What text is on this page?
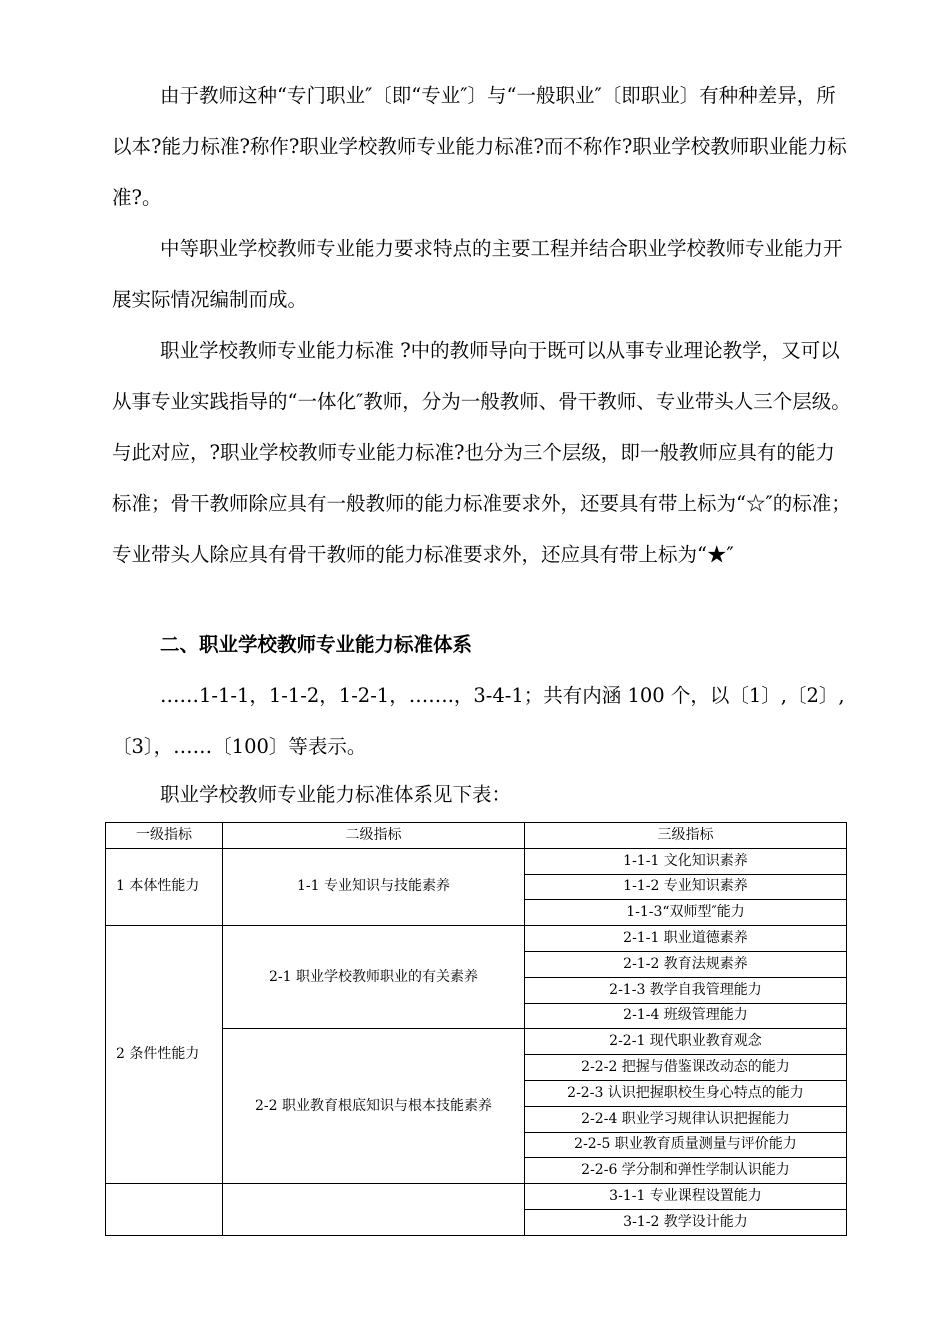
由于教师这种“专门职业″〔即“专业″〕与“一般职业″〔即职业〕有种种差异，所以本?能力标准?称作?职业学校教师专业能力标准?而不称作?职业学校教师职业能力标准?。

中等职业学校教师专业能力要求特点的主要工程并结合职业学校教师专业能力开展实际情况编制而成。

职业学校教师专业能力标准 ?中的教师导向于既可以从事专业理论教学，又可以从事专业实践指导的“一体化″教师，分为一般教师、骨干教师、专业带头人三个层级。与此对应，?职业学校教师专业能力标准?也分为三个层级，即一般教师应具有的能力标准；骨干教师除应具有一般教师的能力标准要求外，还要具有带上标为“☆″的标准；专业带头人除应具有骨干教师的能力标准要求外，还应具有带上标为“★″

二、职业学校教师专业能力标准体系

……1-1-1，1-1-2，1-2-1，…….，3-4-1；共有内涵 100 个，以〔1〕,〔2〕,〔3〕，……〔100〕等表示。

职业学校教师专业能力标准体系见下表：

一级指标	二级指标	三级指标
1 本体性能力	1-1 专业知识与技能素养	1-1-1 文化知识素养
		1-1-2 专业知识素养
		1-1-3“双师型″能力
2 条件性能力	2-1 职业学校教师职业的有关素养	2-1-1 职业道德素养
		2-1-2 教育法规素养
		2-1-3 教学自我管理能力
		2-1-4 班级管理能力
	2-2 职业教育根底知识与根本技能素养	2-2-1 现代职业教育观念
		2-2-2 把握与借鉴课改动态的能力
		2-2-3 认识把握职校生身心特点的能力
		2-2-4 职业学习规律认识把握能力
		2-2-5 职业教育质量测量与评价能力
		2-2-6 学分制和弹性学制认识能力
		3-1-1 专业课程设置能力
		3-1-2 教学设计能力
